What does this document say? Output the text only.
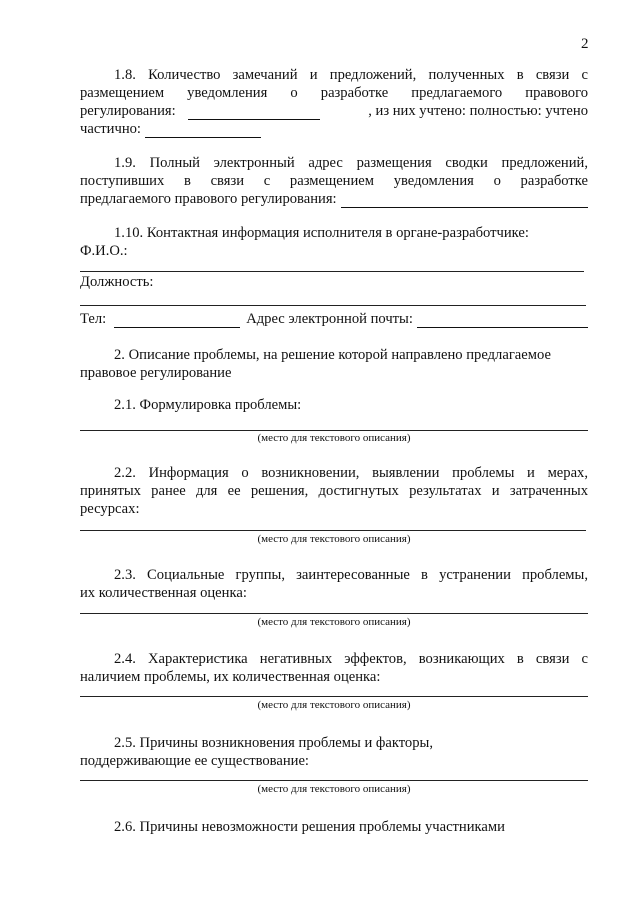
2
1.8. Количество замечаний и предложений, полученных в связи с
размещением уведомления о разработке предлагаемого правового
регулирования:	, из них учтено: полностью: учтено
частично:
1.9. Полный электронный адрес размещения сводки предложений,
поступивших в связи с размещением уведомления о разработке
предлагаемого правового регулирования:
1.10. Контактная информация исполнителя в органе-разработчике:
Ф.И.О.:
Должность:
Тел:	Адрес электронной почты:
2. Описание проблемы, на решение которой направлено предлагаемое
правовое регулирование
2.1. Формулировка проблемы:
(место для текстового описания)
2.2. Информация о возникновении, выявлении проблемы и мерах,
принятых ранее для ее решения, достигнутых результатах и затраченных
ресурсах:
(место для текстового описания)
2.3. Социальные группы, заинтересованные в устранении проблемы,
их количественная оценка:
(место для текстового описания)
2.4. Характеристика негативных эффектов, возникающих в связи с
наличием проблемы, их количественная оценка:
(место для текстового описания)
2.5. Причины возникновения проблемы и факторы,
поддерживающие ее существование:
(место для текстового описания)
2.6. Причины невозможности решения проблемы участниками
